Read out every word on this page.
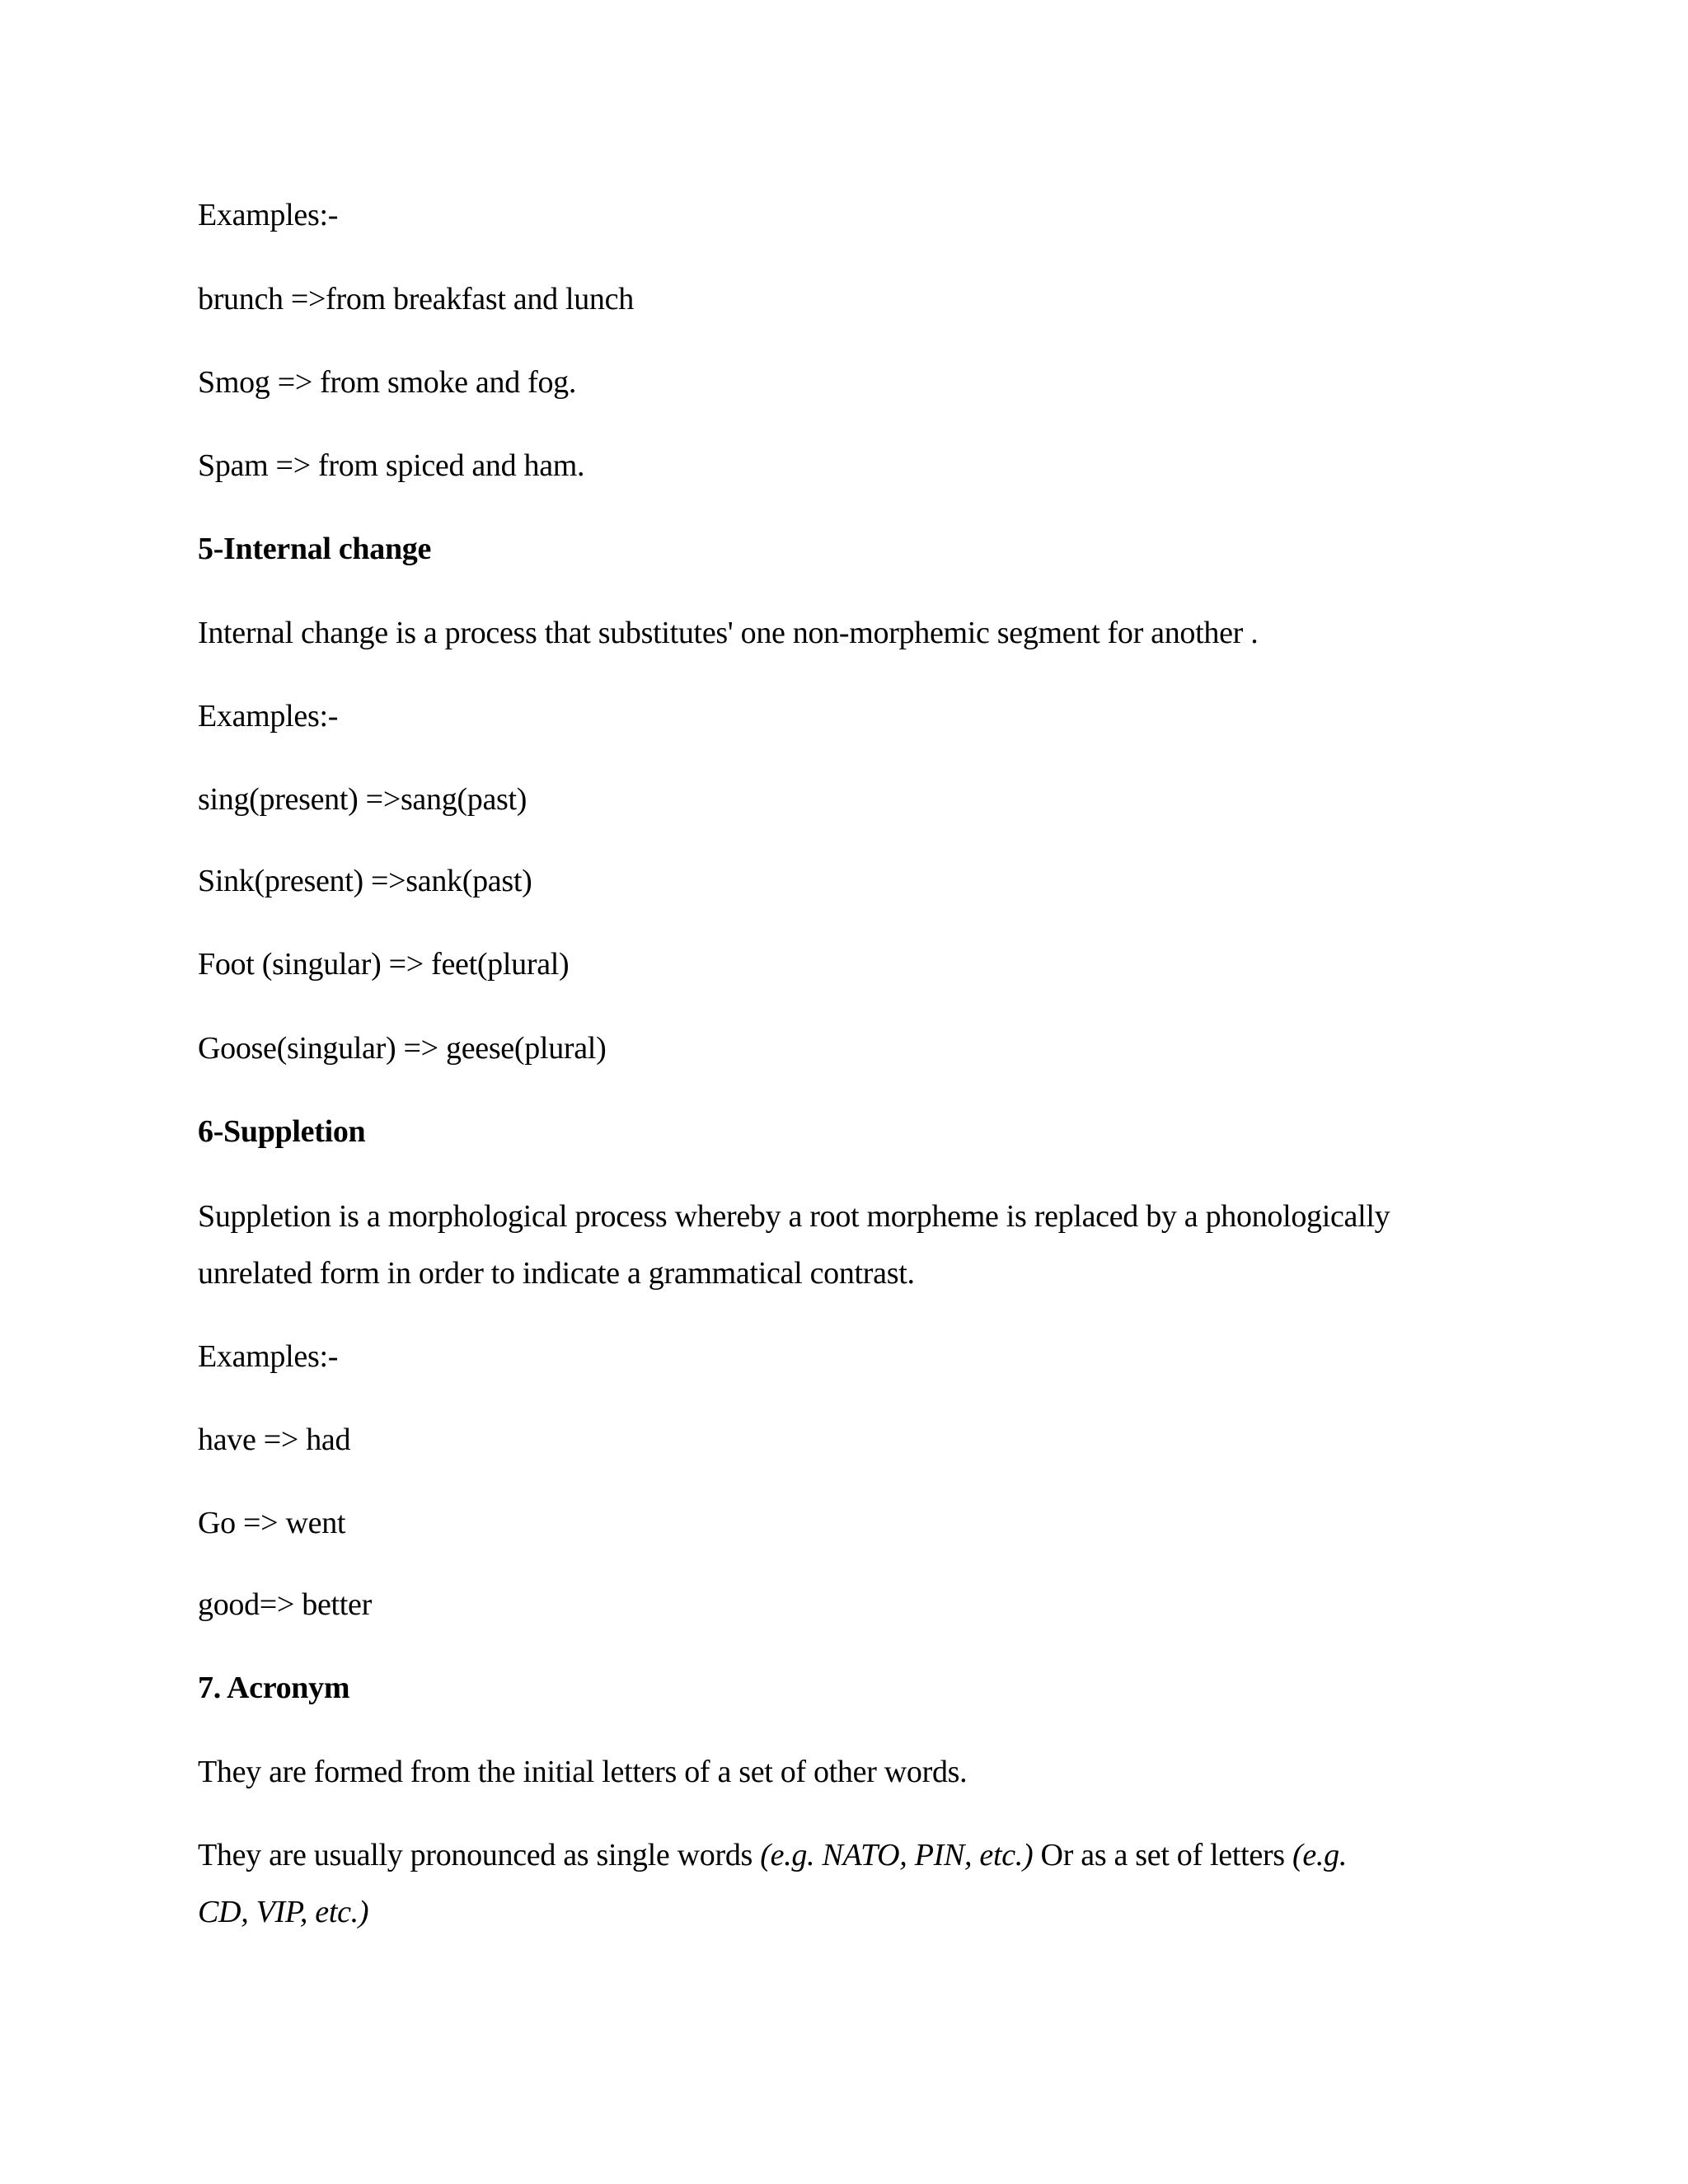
Examples:-
brunch =>from breakfast and lunch
Smog => from smoke and fog.
Spam => from spiced and ham.
5-Internal change
Internal change is a process that substitutes' one non-morphemic segment for another .
Examples:-
sing(present) =>sang(past)
Sink(present) =>sank(past)
Foot (singular) => feet(plural)
Goose(singular) => geese(plural)
6-Suppletion
Suppletion is a morphological process whereby a root morpheme is replaced by a phonologically
unrelated form in order to indicate a grammatical contrast.
Examples:-
have => had
Go => went
good=> better
7. Acronym
They are formed from the initial letters of a set of other words.
They are usually pronounced as single words (e.g. NATO, PIN, etc.) Or as a set of letters (e.g.
CD, VIP, etc.)
